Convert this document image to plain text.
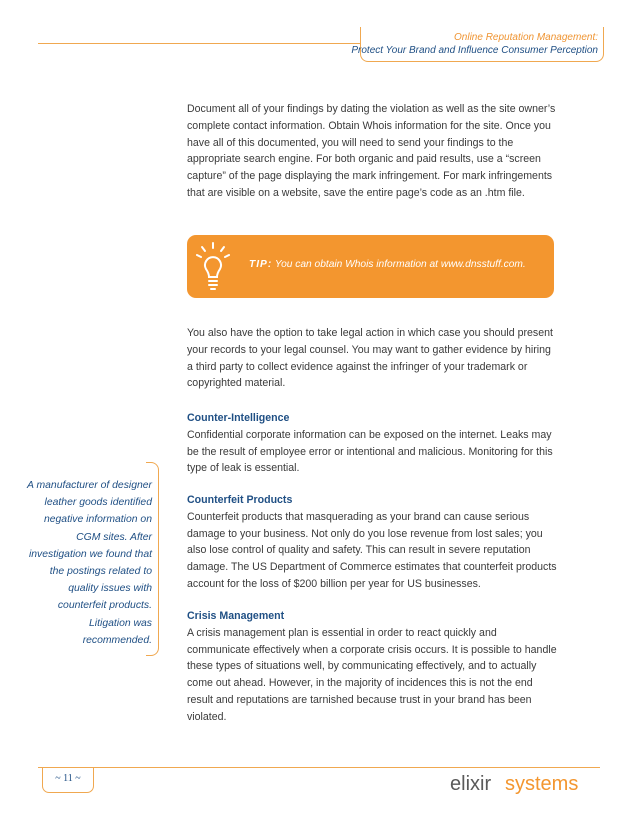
Online Reputation Management:
Protect Your Brand and Influence Consumer Perception

Document all of your findings by dating the violation as well as the site owner’s complete contact information. Obtain Whois information for the site. Once you have all of this documented, you will need to send your findings to the appropriate search engine. For both organic and paid results, use a “screen capture” of the page displaying the mark infringement. For mark infringements that are visible on a website, save the entire page’s code as an .htm file.

TIP: You can obtain Whois information at www.dnsstuff.com.

You also have the option to take legal action in which case you should present your records to your legal counsel. You may want to gather evidence by hiring a third party to collect evidence against the infringer of your trademark or copyrighted material.

Counter-Intelligence

Confidential corporate information can be exposed on the internet. Leaks may be the result of employee error or intentional and malicious. Monitoring for this type of leak is essential.

Counterfeit Products

Counterfeit products that masquerading as your brand can cause serious damage to your business. Not only do you lose revenue from lost sales; you also lose control of quality and safety. This can result in severe reputation damage. The US Department of Commerce estimates that counterfeit products account for the loss of $200 billion per year for US businesses.

Crisis Management

A crisis management plan is essential in order to react quickly and communicate effectively when a corporate crisis occurs. It is possible to handle these types of situations well, by communicating effectively, and to actually come out ahead. However, in the majority of incidences this is not the end result and reputations are tarnished because trust in your brand has been violated.

A manufacturer of designer leather goods identified negative information on CGM sites. After investigation we found that the postings related to quality issues with counterfeit products. Litigation was recommended.
~ 11 ~	elixir systems
